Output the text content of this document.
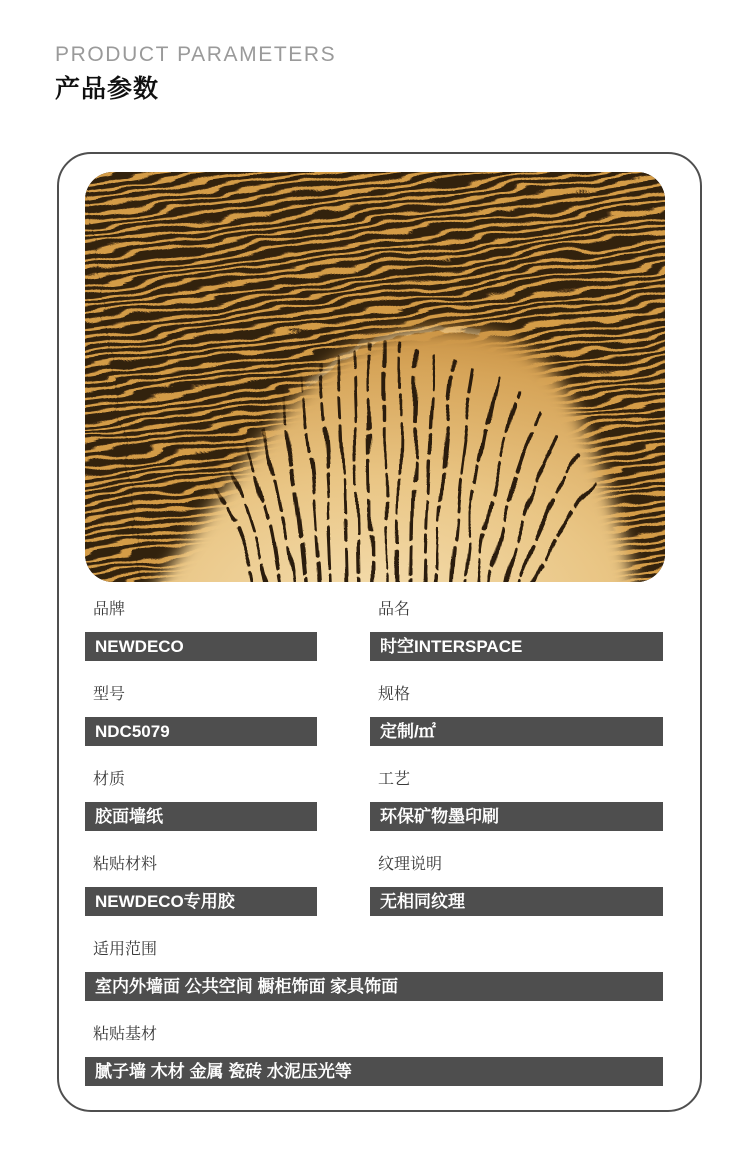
PRODUCT PARAMETERS
产品参数
品牌
NEWDECO
品名
时空INTERSPACE
型号
NDC5079
规格
定制/㎡
材质
胶面墙纸
工艺
环保矿物墨印刷
粘贴材料
NEWDECO专用胶
纹理说明
无相同纹理
适用范围
室内外墙面 公共空间 橱柜饰面 家具饰面
粘贴基材
腻子墙 木材 金属 瓷砖 水泥压光等
